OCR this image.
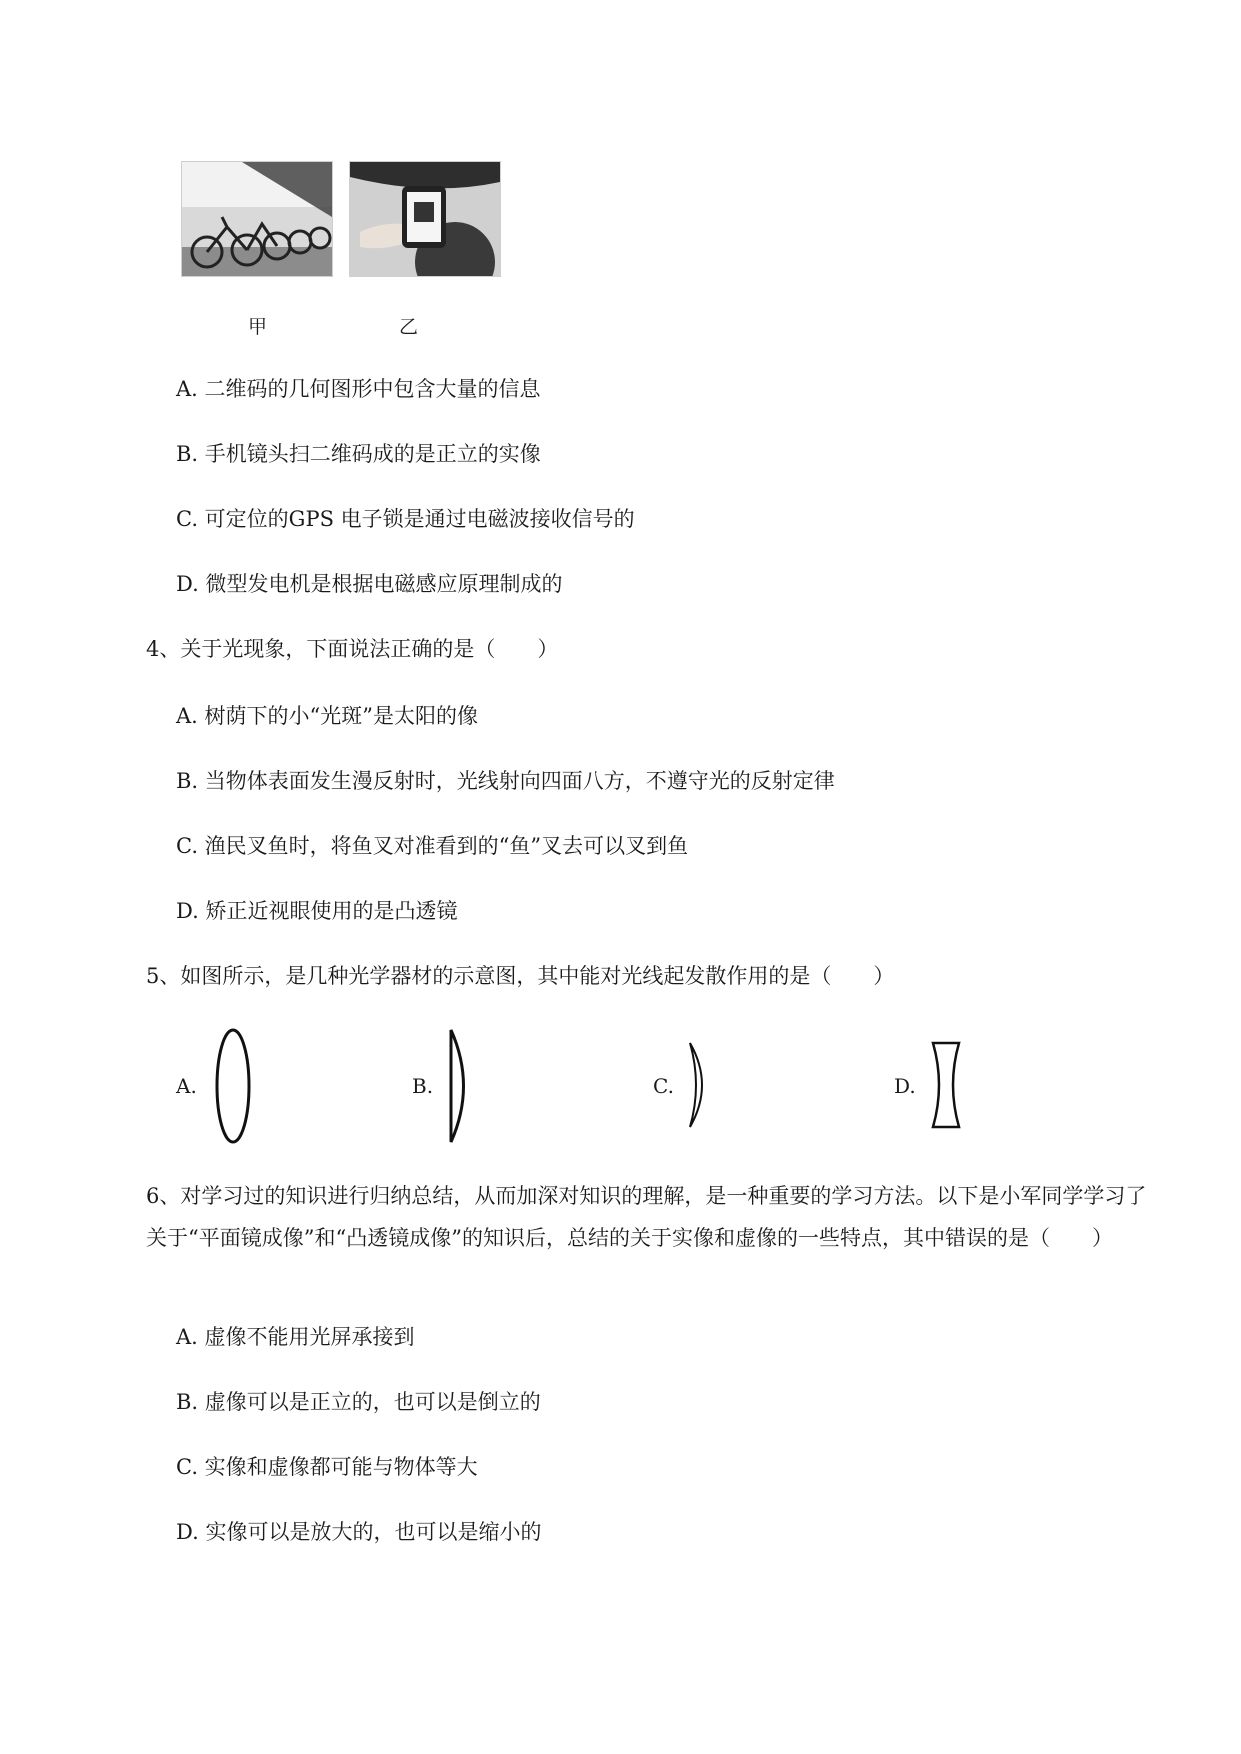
甲	乙
A. 二维码的几何图形中包含大量的信息
B. 手机镜头扫二维码成的是正立的实像
C. 可定位的GPS 电子锁是通过电磁波接收信号的
D. 微型发电机是根据电磁感应原理制成的
4、关于光现象，下面说法正确的是（　　）
A. 树荫下的小“光斑”是太阳的像
B. 当物体表面发生漫反射时，光线射向四面八方，不遵守光的反射定律
C. 渔民叉鱼时，将鱼叉对准看到的“鱼”叉去可以叉到鱼
D. 矫正近视眼使用的是凸透镜
5、如图所示，是几种光学器材的示意图，其中能对光线起发散作用的是（　　）
A.	B.	C.	D.
6、对学习过的知识进行归纳总结，从而加深对知识的理解，是一种重要的学习方法。以下是小军同学学习了关于“平面镜成像”和“凸透镜成像”的知识后，总结的关于实像和虚像的一些特点，其中错误的是（　　）
A. 虚像不能用光屏承接到
B. 虚像可以是正立的，也可以是倒立的
C. 实像和虚像都可能与物体等大
D. 实像可以是放大的，也可以是缩小的
